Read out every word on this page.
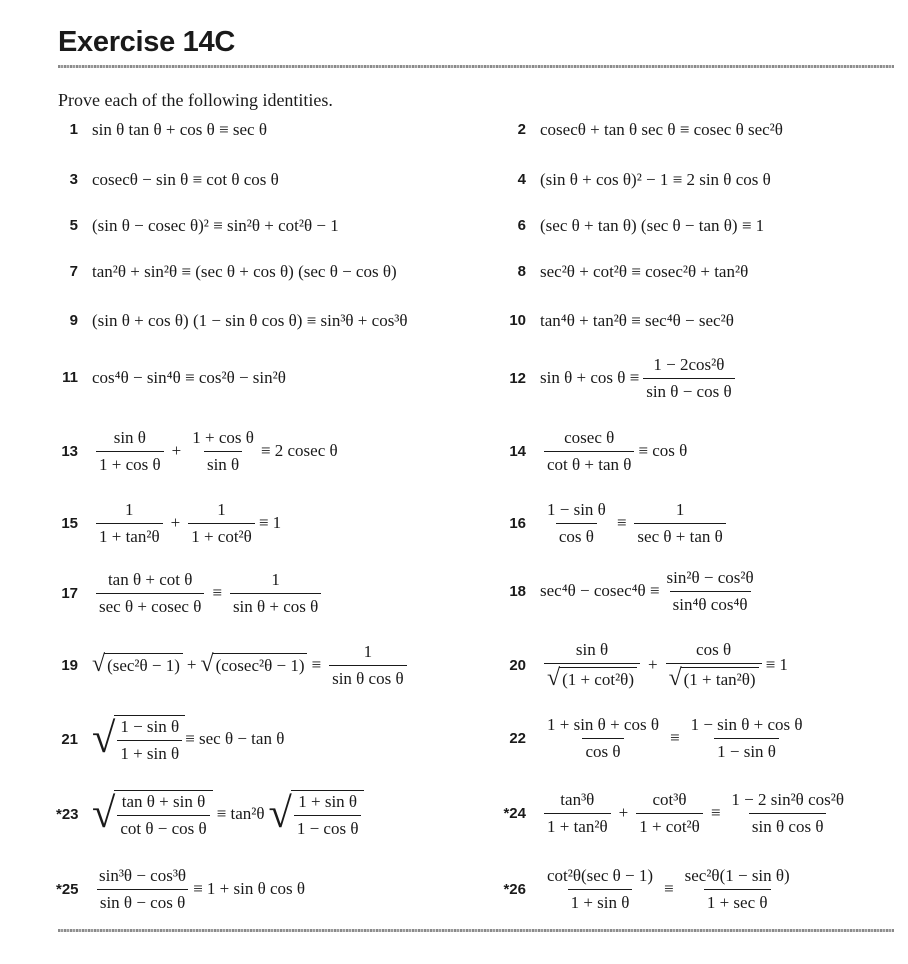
Exercise 14C
Prove each of the following identities.
1 sin θ tan θ + cos θ ≡ sec θ	2 cosecθ + tan θ sec θ ≡ cosec θ sec²θ
3 cosecθ − sin θ ≡ cot θ cos θ	4 (sin θ + cos θ)² − 1 ≡ 2 sin θ cos θ
5 (sin θ − cosec θ)² ≡ sin²θ + cot²θ − 1	6 (sec θ + tan θ) (sec θ − tan θ) ≡ 1
7 tan²θ + sin²θ ≡ (sec θ + cos θ) (sec θ − cos θ)	8 sec²θ + cot²θ ≡ cosec²θ + tan²θ
9 (sin θ + cos θ) (1 − sin θ cos θ) ≡ sin³θ + cos³θ	10 tan⁴θ + tan²θ ≡ sec⁴θ − sec²θ
11 cos⁴θ − sin⁴θ ≡ cos²θ − sin²θ	12 $\sin \theta + \cos \theta \equiv \frac{\text{1 − 2cos²θ}}{\text{sin θ − cos θ}}$
$13 \frac{\text{sin θ}}{\text{1 + cos θ}} + \frac{\text{1 + cos θ}}{\text{sin θ}} \equiv 2$ cosec θ	$14 \frac{\text{cosec θ}}{\text{cot θ + tan θ}} \equiv \cos \theta$
$15 \frac{1}{\text{1 + tan²θ}} + \frac{1}{\text{1 + cot²θ}} \equiv 1$	$16 \frac{\text{1 − sin θ}}{\text{cos θ}} \equiv \frac{1}{\text{sec θ + tan θ}}$
$17 \frac{\text{tan θ + cot θ}}{\text{sec θ + cosec θ}} \equiv \frac{1}{\text{sin θ + cos θ}}$	18 $\sec^4\theta - cosec^4\theta \equiv \frac{\text{sin²θ − cos²θ}}{\text{sin⁴θ cos⁴θ}}$
19 √ (sec²θ − 1) + √ $(cosec^2\theta - 1) \equiv \frac{1}{\text{sin θ cos θ}}$	$20 \frac{\text{sin θ}}{\text{√ (1 + cot²θ)}} + \frac{\text{cos θ}}{\text{√ (1 + tan²θ)}} \equiv 1$
21 √ $\frac{\text{1 − sin θ}}{\text{1 + sin θ}} \equiv \sec \theta - \tan \theta$	$22 \frac{\text{1 + sin θ + cos θ}}{\text{cos θ}} \equiv \frac{\text{1 − sin θ + cos θ}}{\text{1 − sin θ}}$
*23 √ $\frac{\text{tan θ + sin θ}}{\text{cot θ − cos θ}} \equiv \tan^2\theta$ √ $\frac{\text{1 + sin θ}}{\text{1 − cos θ}}$	$*24 \frac{\text{tan³θ}}{\text{1 + tan²θ}} + \frac{\text{cot³θ}}{\text{1 + cot²θ}} \equiv \frac{\text{1 − 2 sin²θ cos²θ}}{\text{sin θ cos θ}}$
$*25 \frac{\text{sin³θ − cos³θ}}{\text{sin θ − cos θ}} \equiv 1 + \sin \theta$ cos θ	$*26 \frac{\text{cot²θ(sec θ − 1)}}{\text{1 + sin θ}} \equiv \frac{\text{sec²θ(1 − sin θ)}}{\text{1 + sec θ}}$
